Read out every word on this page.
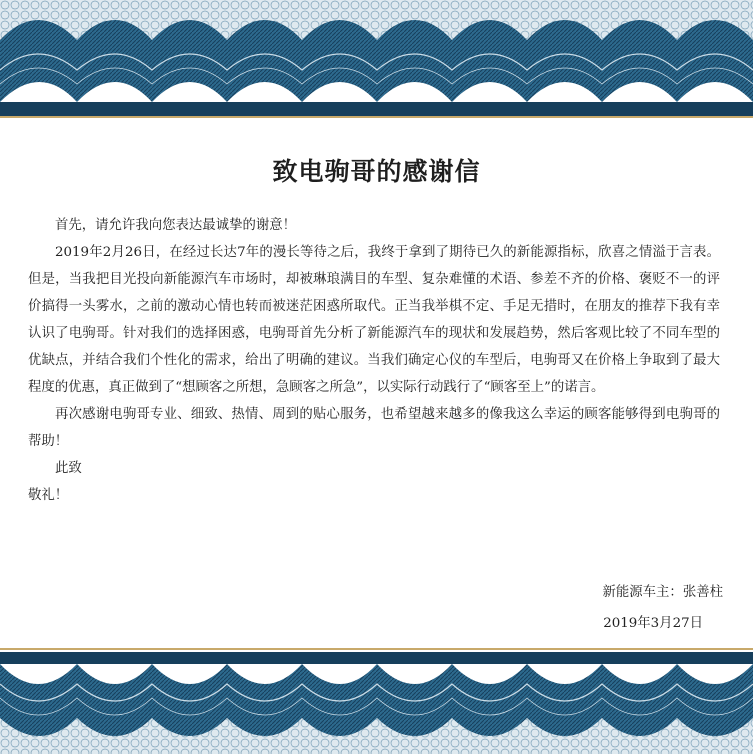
致电驹哥的感谢信

首先，请允许我向您表达最诚挚的谢意！

2019年2月26日，在经过长达7年的漫长等待之后，我终于拿到了期待已久的新能源指标，欣喜之情溢于言表。但是，当我把目光投向新能源汽车市场时，却被琳琅满目的车型、复杂难懂的术语、参差不齐的价格、褒贬不一的评价搞得一头雾水，之前的激动心情也转而被迷茫困惑所取代。正当我举棋不定、手足无措时，在朋友的推荐下我有幸认识了电驹哥。针对我们的选择困惑，电驹哥首先分析了新能源汽车的现状和发展趋势，然后客观比较了不同车型的优缺点，并结合我们个性化的需求，给出了明确的建议。当我们确定心仪的车型后，电驹哥又在价格上争取到了最大程度的优惠，真正做到了“想顾客之所想，急顾客之所急”，以实际行动践行了“顾客至上”的诺言。

再次感谢电驹哥专业、细致、热情、周到的贴心服务，也希望越来越多的像我这么幸运的顾客能够得到电驹哥的帮助！

此致

敬礼！

新能源车主：张善柱
2019年3月27日
